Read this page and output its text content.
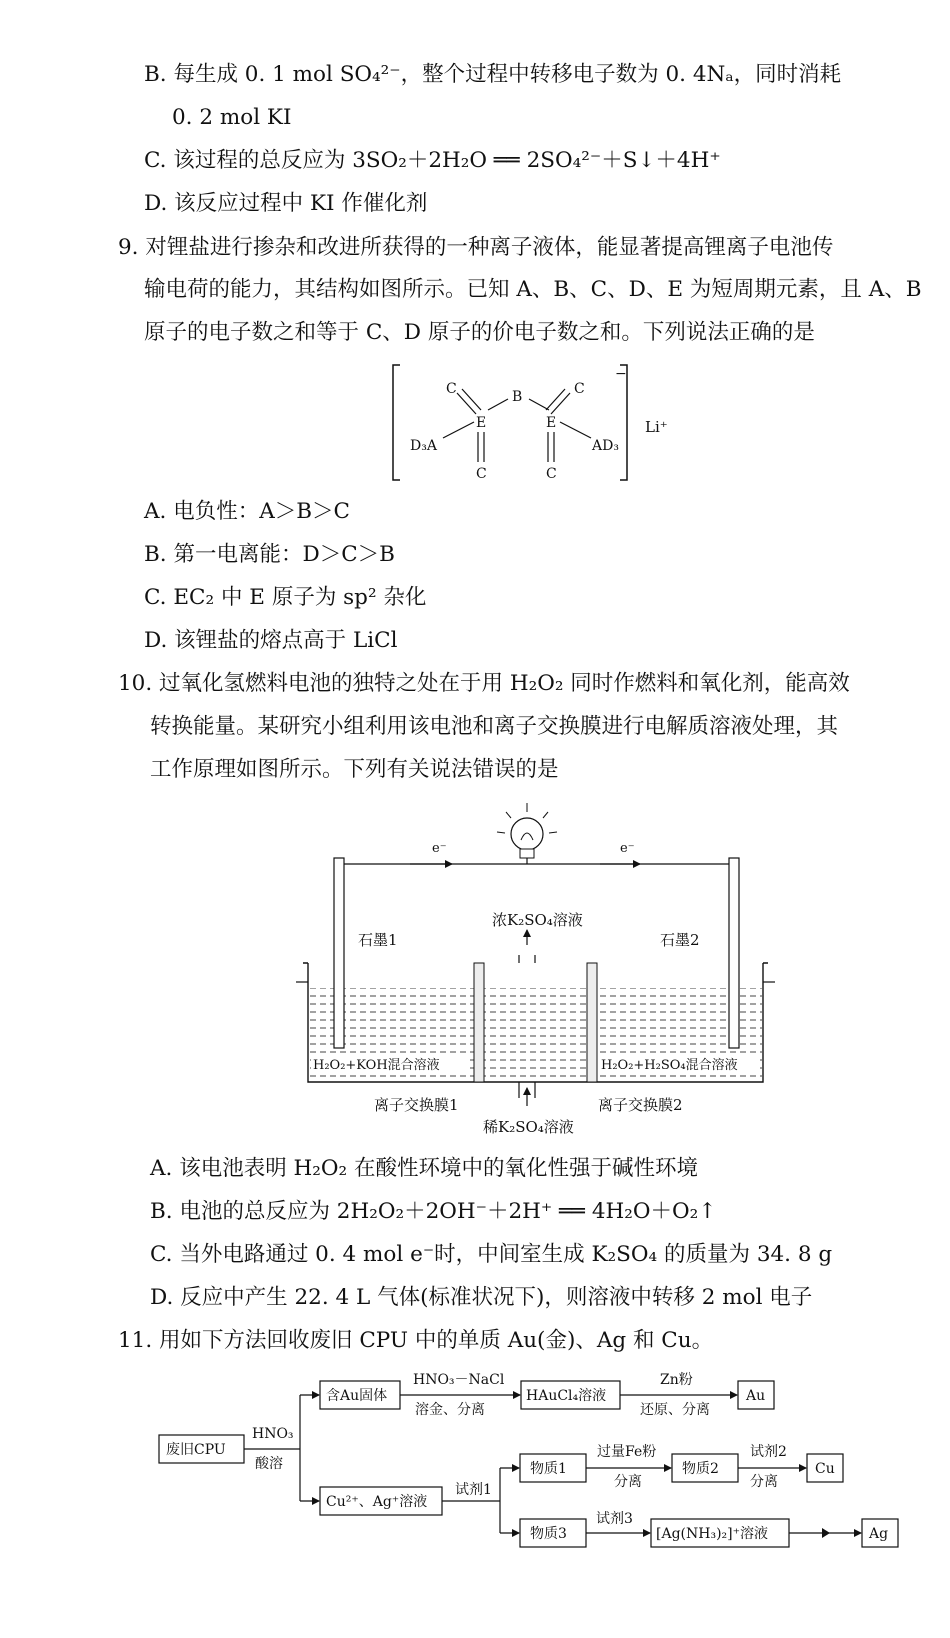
B. 每生成 0. 1 mol SO₄²⁻，整个过程中转移电子数为 0. 4Nₐ，同时消耗
0. 2 mol KI
C. 该过程的总反应为 3SO₂＋2H₂O ══ 2SO₄²⁻＋S↓＋4H⁺
D. 该反应过程中 KI 作催化剂
9. 对锂盐进行掺杂和改进所获得的一种离子液体，能显著提高锂离子电池传
输电荷的能力，其结构如图所示。已知 A、B、C、D、E 为短周期元素，且 A、B
原子的电子数之和等于 C、D 原子的价电子数之和。下列说法正确的是
−
Li⁺
C	B	C
E	E
D₃A	AD₃
C	C
e⁻	e⁻
石墨1	石墨2
浓K₂SO₄溶液
H₂O₂+KOH混合溶液	H₂O₂+H₂SO₄混合溶液
离子交换膜1	离子交换膜2
稀K₂SO₄溶液
废旧CPU
HNO₃
酸溶
含Au固体
HNO₃－NaCl
溶金、分离
HAuCl₄溶液
Zn粉
还原、分离
Au
Cu²⁺、Ag⁺溶液
试剂1
物质1
过量Fe粉
分离
物质2
试剂2
分离
Cu
物质3
试剂3
[Ag(NH₃)₂]⁺溶液	Ag
A. 电负性：A＞B＞C
B. 第一电离能：D＞C＞B
C. EC₂ 中 E 原子为 sp² 杂化
D. 该锂盐的熔点高于 LiCl
10. 过氧化氢燃料电池的独特之处在于用 H₂O₂ 同时作燃料和氧化剂，能高效
转换能量。某研究小组利用该电池和离子交换膜进行电解质溶液处理，其
工作原理如图所示。下列有关说法错误的是
A. 该电池表明 H₂O₂ 在酸性环境中的氧化性强于碱性环境
B. 电池的总反应为 2H₂O₂＋2OH⁻＋2H⁺ ══ 4H₂O＋O₂↑
C. 当外电路通过 0. 4 mol e⁻时，中间室生成 K₂SO₄ 的质量为 34. 8 g
D. 反应中产生 22. 4 L 气体(标准状况下)，则溶液中转移 2 mol 电子
11. 用如下方法回收废旧 CPU 中的单质 Au(金)、Ag 和 Cu。
